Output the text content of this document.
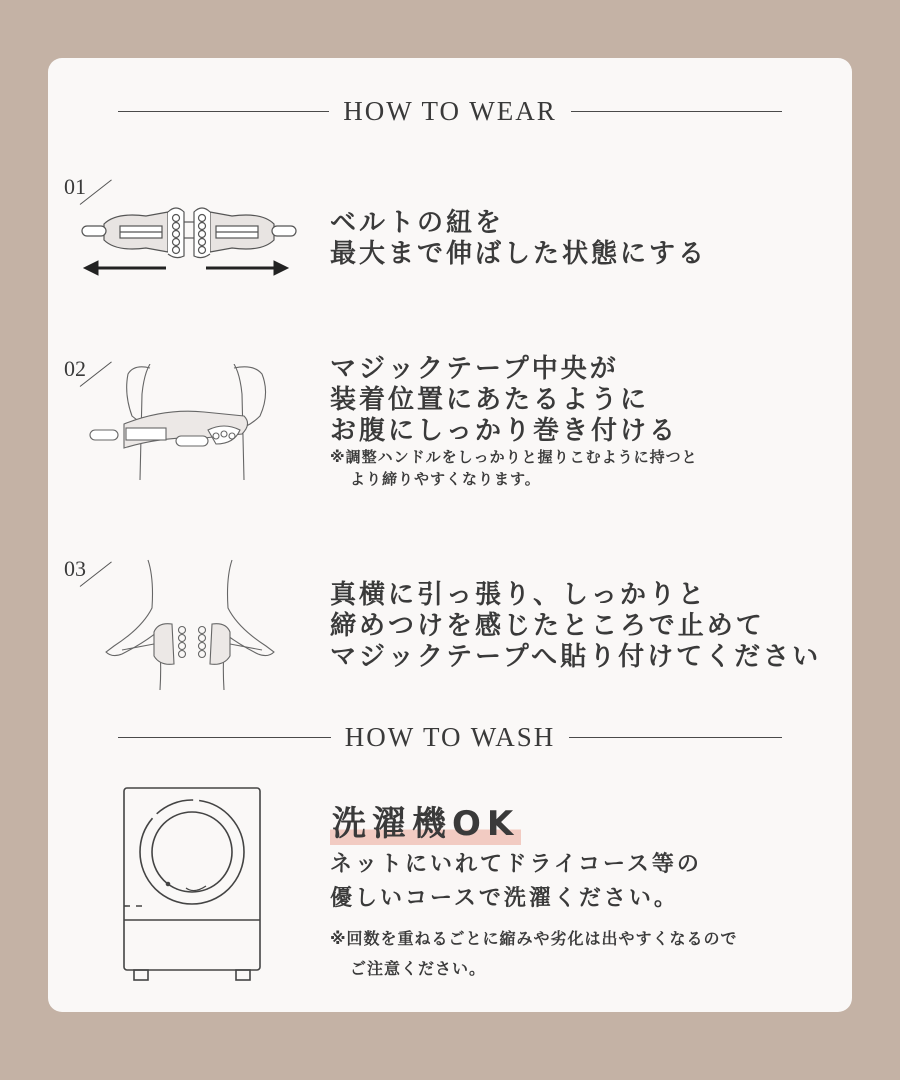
HOW TO WEAR
01
ベルトの紐を
最大まで伸ばした状態にする
02	マジックテープ中央が
装着位置にあたるように
お腹にしっかり巻き付ける
※調整ハンドルをしっかりと握りこむように持つと
より締りやすくなります。
03
真横に引っ張り、しっかりと
締めつけを感じたところで止めて
マジックテープへ貼り付けてください
HOW TO WASH
洗濯機OK
ネットにいれてドライコース等の
優しいコースで洗濯ください。
※回数を重ねるごとに縮みや劣化は出やすくなるので
ご注意ください。
